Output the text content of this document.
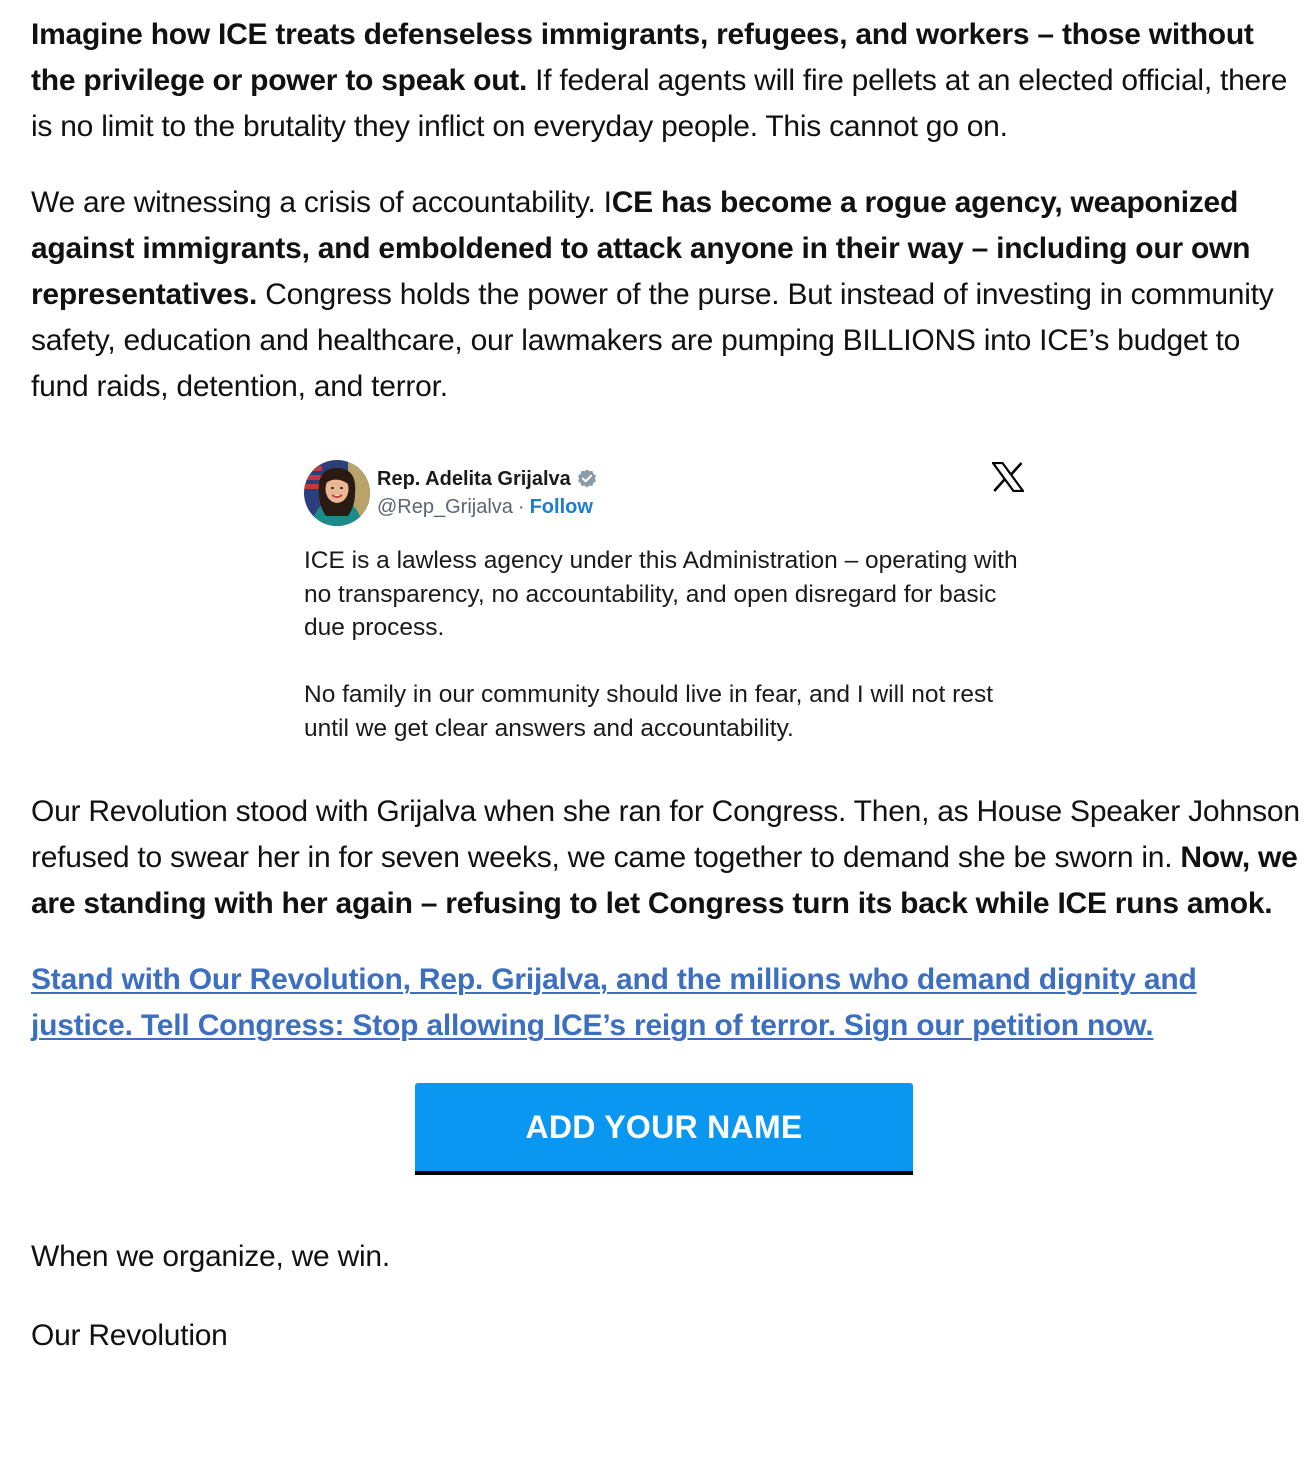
Imagine how ICE treats defenseless immigrants, refugees, and workers – those without the privilege or power to speak out. If federal agents will fire pellets at an elected official, there is no limit to the brutality they inflict on everyday people. This cannot go on.

We are witnessing a crisis of accountability. ICE has become a rogue agency, weaponized against immigrants, and emboldened to attack anyone in their way – including our own representatives. Congress holds the power of the purse. But instead of investing in community safety, education and healthcare, our lawmakers are pumping BILLIONS into ICE’s budget to fund raids, detention, and terror.

Rep. Adelita Grijalva
@Rep_Grijalva · Follow

ICE is a lawless agency under this Administration – operating with no transparency, no accountability, and open disregard for basic due process.

No family in our community should live in fear, and I will not rest until we get clear answers and accountability.

Our Revolution stood with Grijalva when she ran for Congress. Then, as House Speaker Johnson refused to swear her in for seven weeks, we came together to demand she be sworn in. Now, we are standing with her again – refusing to let Congress turn its back while ICE runs amok.

Stand with Our Revolution, Rep. Grijalva, and the millions who demand dignity and justice. Tell Congress: Stop allowing ICE’s reign of terror. Sign our petition now.
ADD YOUR NAME

When we organize, we win.

Our Revolution
